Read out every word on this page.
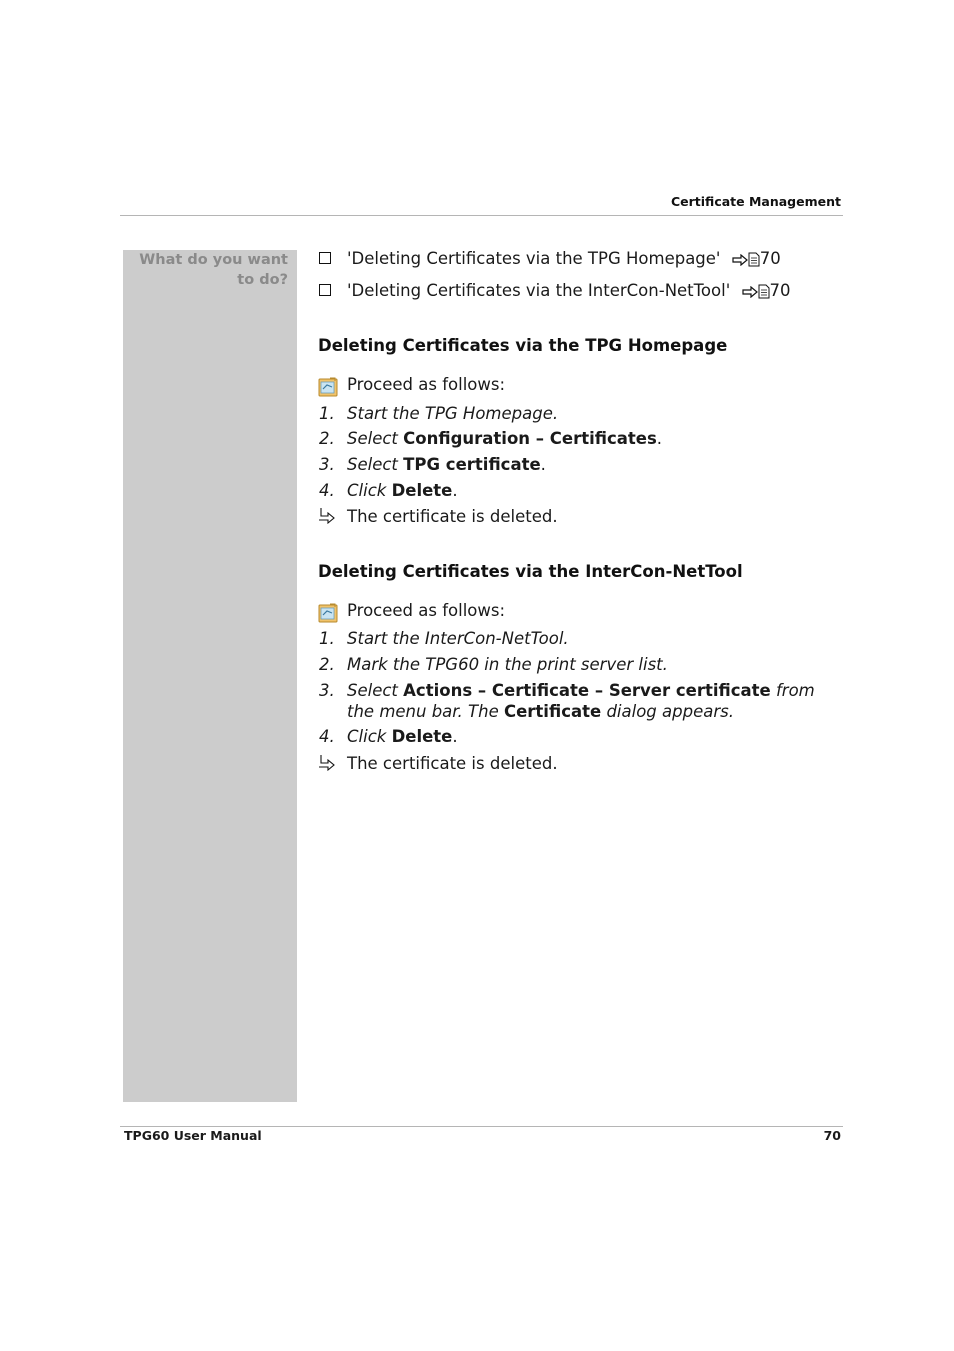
Certificate Management
What do you want
to do?
'Deleting Certificates via the TPG Homepage' 70
'Deleting Certificates via the InterCon-NetTool' 70
Deleting Certificates via the TPG Homepage
Proceed as follows:
1. Start the TPG Homepage.
2. Select Configuration – Certificates.
3. Select TPG certificate.
4. Click Delete.
The certificate is deleted.
Deleting Certificates via the InterCon-NetTool
Proceed as follows:
1. Start the InterCon-NetTool.
2. Mark the TPG60 in the print server list.
3. Select Actions – Certificate – Server certificate from the menu bar. The Certificate dialog appears.
4. Click Delete.
The certificate is deleted.
TPG60 User Manual	70
